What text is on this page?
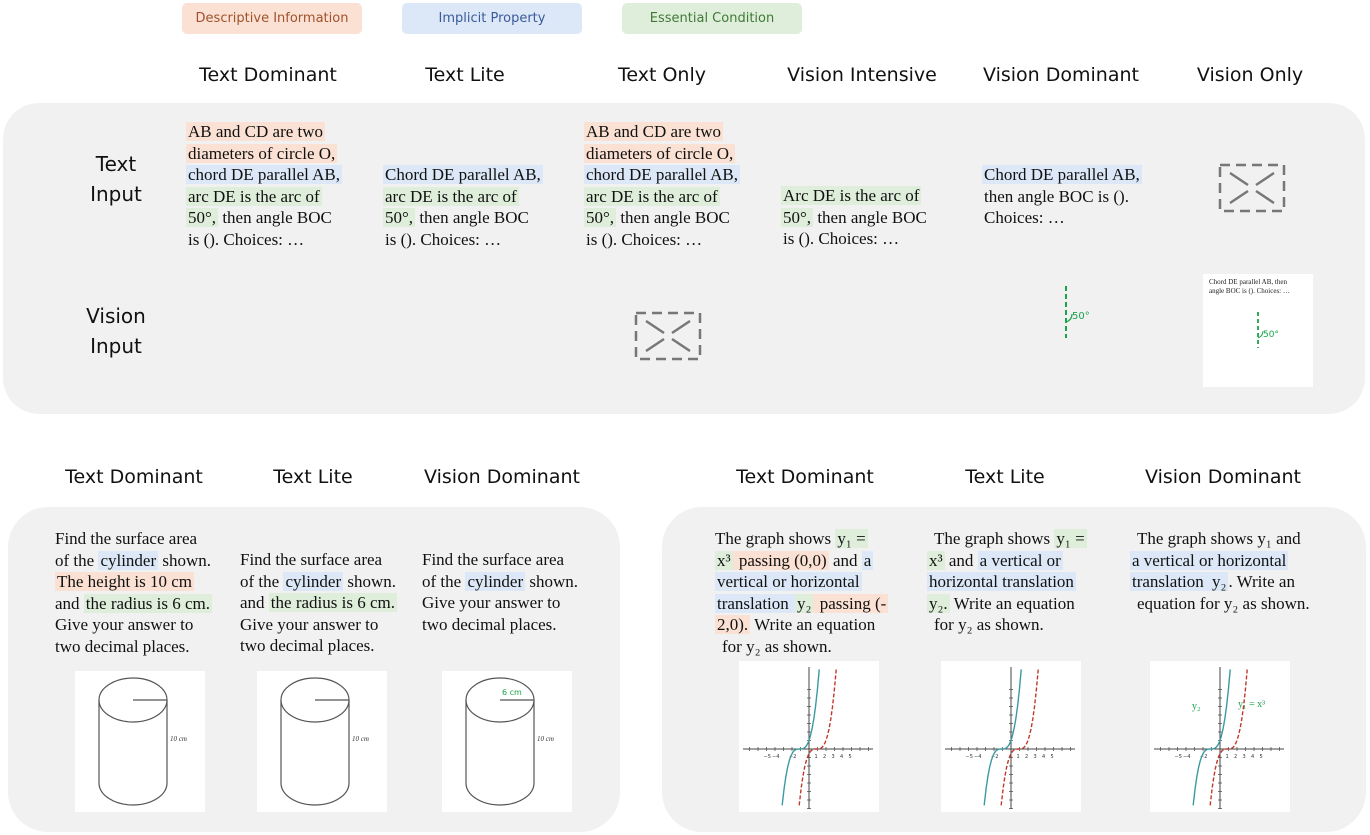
Descriptive Information	Implicit Property	Essential Condition
Text Dominant	Text Lite	Text Only	Vision Intensive Vision Dominant	Vision Only
Text
Input
Vision
Input
AB and CD are two
diameters of circle O,
chord DE parallel AB,
arc DE is the arc of
50°, then angle BOC
is (). Choices: …
Chord DE parallel AB,
arc DE is the arc of
50°, then angle BOC
is (). Choices: …
AB and CD are two
diameters of circle O,
chord DE parallel AB,
arc DE is the arc of
50°, then angle BOC
is (). Choices: …
Arc DE is the arc of
50°, then angle BOC
is (). Choices: …
Chord DE parallel AB,
then angle BOC is ().
Choices: …
50°
Chord DE parallel AB, then
angle BOC is (). Choices: …
50°
Text Dominant	Text Lite	Vision Dominant	Text Dominant	Text Lite	Vision Dominant
Find the surface area
of the cylinder shown.
The height is 10 cm
and the radius is 6 cm.
Give your answer to
two decimal places.
Find the surface area
of the cylinder shown.
and the radius is 6 cm.
Give your answer to
two decimal places.
Find the surface area
of the cylinder shown.
Give your answer to
two decimal places.
10 cm	10 cm
6 cm
10 cm
The graph shows y₁ =
x³ passing (0,0) and a
vertical or horizontal
translation y₂ passing (-
2,0). Write an equation
for y₂ as shown.
The graph shows y₁ =
x³ and a vertical or
horizontal translation
y₂. Write an equation
for y₂ as shown.
The graph shows y₁ and
a vertical or horizontal
translation y₂ . Write an
equation for y₂ as shown.
−5 −4 −2	1 2 3 4 5	−5 −4 −2	1 2 3 4 5	−5 −4 −2	1 2 3 4 5
y₁ = x³
y₂
